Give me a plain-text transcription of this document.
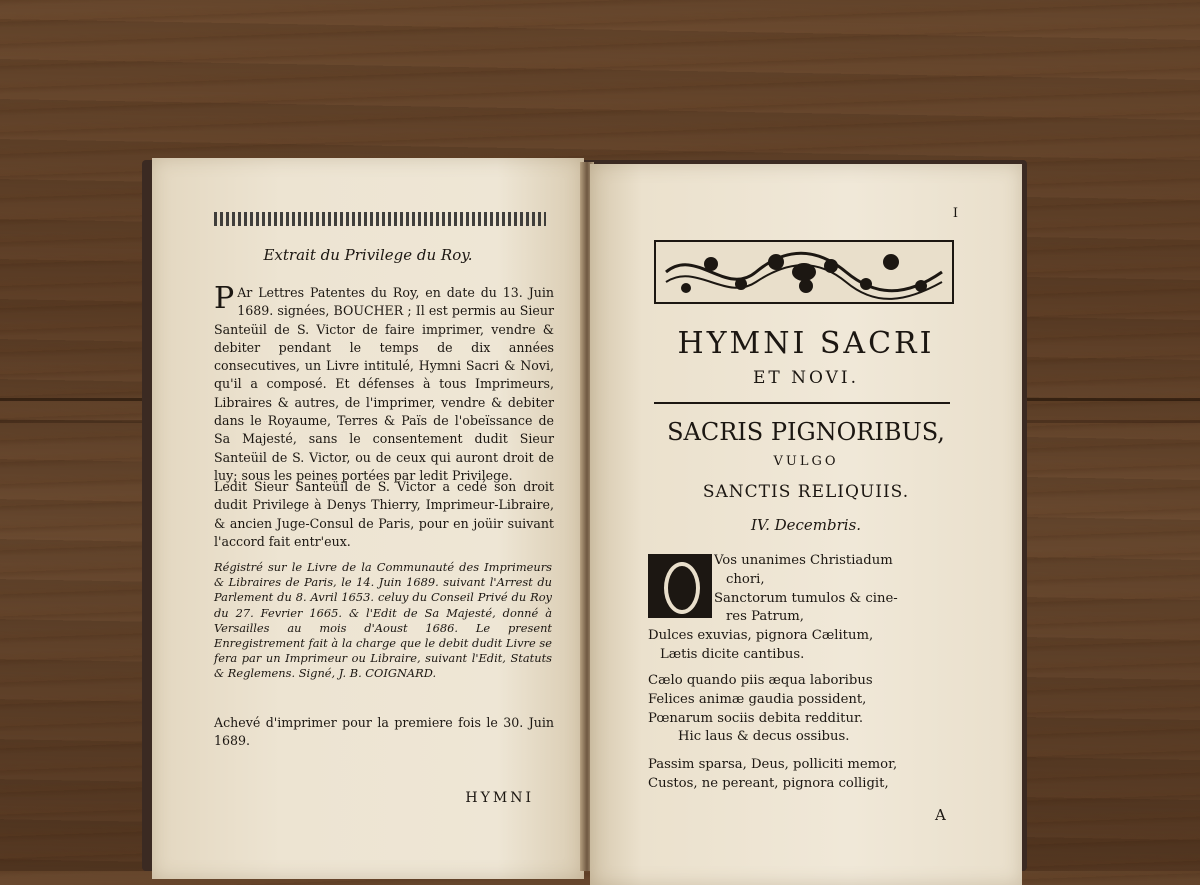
Extrait du Privilege du Roy.
P Ar Lettres Patentes du Roy, en date du 13. Juin 1689. signées, BOUCHER ; Il est permis au Sieur Santeüil de S. Victor de faire imprimer, vendre & debiter pendant le temps de dix années consecutives, un Livre intitulé, Hymni Sacri & Novi, qu'il a composé. Et défenses à tous Imprimeurs, Libraires & autres, de l'imprimer, vendre & debiter dans le Royaume, Terres & Païs de l'obeïssance de Sa Majesté, sans le consentement dudit Sieur Santeüil de S. Victor, ou de ceux qui auront droit de luy; sous les peines portées par ledit Privilege.
Ledit Sieur Santeüil de S. Victor a cedé son droit dudit Privilege à Denys Thierry, Imprimeur-Libraire, & ancien Juge-Consul de Paris, pour en joüir suivant l'accord fait entr'eux.
Régistré sur le Livre de la Communauté des Imprimeurs & Libraires de Paris, le 14. Juin 1689. suivant l'Arrest du Parlement du 8. Avril 1653. celuy du Conseil Privé du Roy du 27. Fevrier 1665. & l'Edit de Sa Majesté, donné à Versailles au mois d'Aoust 1686. Le present Enregistrement fait à la charge que le debit dudit Livre se fera par un Imprimeur ou Libraire, suivant l'Edit, Statuts & Reglemens. Signé, J. B. COIGNARD.
Achevé d'imprimer pour la premiere fois le 30. Juin 1689.
HYMNI
I
HYMNI SACRI
ET NOVI.
SACRIS PIGNORIBUS,
VULGO
SANCTIS RELIQUIIS.
IV. Decembris.
Vos unanimes Christiadum
chori,
Sanctorum tumulos & cine-
res Patrum,
Dulces exuvias, pignora Cælitum,
Lætis dicite cantibus.
Cælo quando piis æqua laboribus
Felices animæ gaudia possident,
Pœnarum sociis debita redditur.
Hic laus & decus ossibus.
Passim sparsa, Deus, polliciti memor,
Custos, ne pereant, pignora colligit,
A
